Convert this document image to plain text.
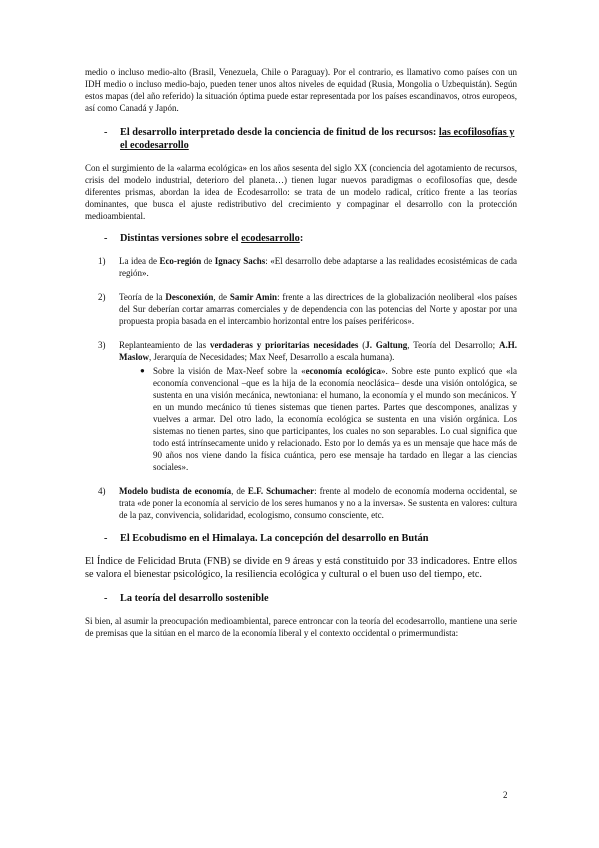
medio o incluso medio-alto (Brasil, Venezuela, Chile o Paraguay). Por el contrario, es llamativo como países con un IDH medio o incluso medio-bajo, pueden tener unos altos niveles de equidad (Rusia, Mongolia o Uzbequistán). Según estos mapas (del año referido) la situación óptima puede estar representada por los países escandinavos, otros europeos, así como Canadá y Japón.

- El desarrollo interpretado desde la conciencia de finitud de los recursos: las ecofilosofías y el ecodesarrollo

Con el surgimiento de la «alarma ecológica» en los años sesenta del siglo XX (conciencia del agotamiento de recursos, crisis del modelo industrial, deterioro del planeta…) tienen lugar nuevos paradigmas o ecofilosofías que, desde diferentes prismas, abordan la idea de Ecodesarrollo: se trata de un modelo radical, crítico frente a las teorías dominantes, que busca el ajuste redistributivo del crecimiento y compaginar el desarrollo con la protección medioambiental.

- Distintas versiones sobre el ecodesarrollo:
1) La idea de Eco-región de Ignacy Sachs: «El desarrollo debe adaptarse a las realidades ecosistémicas de cada región».
2) Teoría de la Desconexión, de Samir Amin: frente a las directrices de la globalización neoliberal «los países del Sur deberían cortar amarras comerciales y de dependencia con las potencias del Norte y apostar por una propuesta propia basada en el intercambio horizontal entre los países periféricos».
3) Replanteamiento de las verdaderas y prioritarias necesidades (J. Galtung, Teoría del Desarrollo; A.H. Maslow, Jerarquía de Necesidades; Max Neef, Desarrollo a escala humana).
● Sobre la visión de Max-Neef sobre la «economía ecológica». Sobre este punto explicó que «la economía convencional –que es la hija de la economía neoclásica– desde una visión ontológica, se sustenta en una visión mecánica, newtoniana: el humano, la economía y el mundo son mecánicos. Y en un mundo mecánico tú tienes sistemas que tienen partes. Partes que descompones, analizas y vuelves a armar. Del otro lado, la economía ecológica se sustenta en una visión orgánica. Los sistemas no tienen partes, sino que participantes, los cuales no son separables. Lo cual significa que todo está intrínsecamente unido y relacionado. Esto por lo demás ya es un mensaje que hace más de 90 años nos viene dando la física cuántica, pero ese mensaje ha tardado en llegar a las ciencias sociales».
4) Modelo budista de economía, de E.F. Schumacher: frente al modelo de economía moderna occidental, se trata «de poner la economía al servicio de los seres humanos y no a la inversa». Se sustenta en valores: cultura de la paz, convivencia, solidaridad, ecologismo, consumo consciente, etc.
- El Ecobudismo en el Himalaya. La concepción del desarrollo en Bután

El Índice de Felicidad Bruta (FNB) se divide en 9 áreas y está constituido por 33 indicadores. Entre ellos se valora el bienestar psicológico, la resiliencia ecológica y cultural o el buen uso del tiempo, etc.

- La teoría del desarrollo sostenible

Si bien, al asumir la preocupación medioambiental, parece entroncar con la teoría del ecodesarrollo, mantiene una serie de premisas que la sitúan en el marco de la economía liberal y el contexto occidental o primermundista:

2
